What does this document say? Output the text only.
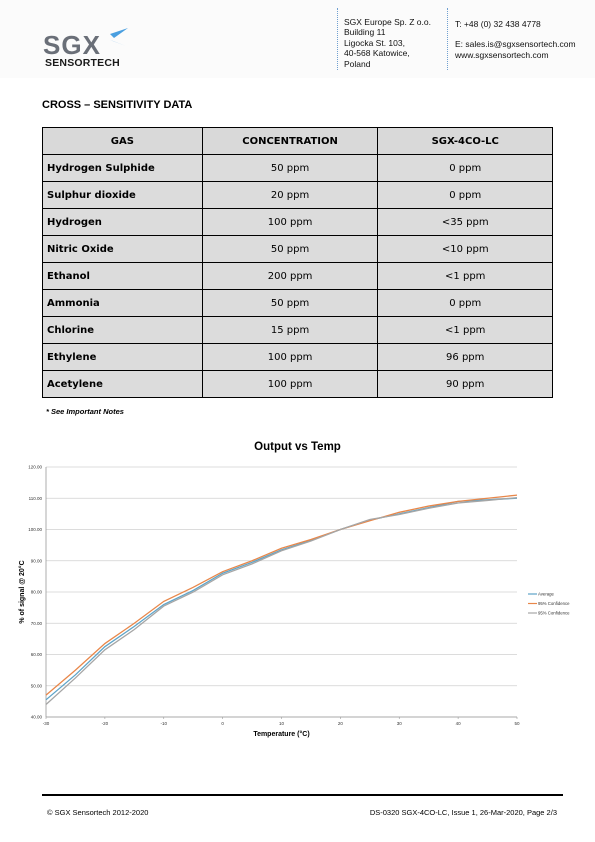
SGX
SENSORTECH
SGX Europe Sp. Z o.o.
Building 11
Ligocka St. 103,
40-568 Katowice,
Poland
T: +48 (0) 32 438 4778
E: sales.is@sgxsensortech.com
www.sgxsensortech.com
CROSS – SENSITIVITY DATA
GAS	CONCENTRATION	SGX-4CO-LC
Hydrogen Sulphide	50 ppm	0 ppm
Sulphur dioxide	20 ppm	0 ppm
Hydrogen	100 ppm	<35 ppm
Nitric Oxide	50 ppm	<10 ppm
Ethanol	200 ppm	<1 ppm
Ammonia	50 ppm	0 ppm
Chlorine	15 ppm	<1 ppm
Ethylene	100 ppm	96 ppm
Acetylene	100 ppm	90 ppm
* See Important Notes
Output vs Temp
40.00
50.00
60.00
70.00
80.00
90.00
100.00
110.00
120.00
-30	-20	-10	0	10	20	30	40	50
Average
95% Confidence
95% Confidence
Temperature (°C)
% of signal @ 20°C
© SGX Sensortech 2012-2020	DS-0320 SGX-4CO-LC, Issue 1, 26-Mar-2020, Page 2/3
